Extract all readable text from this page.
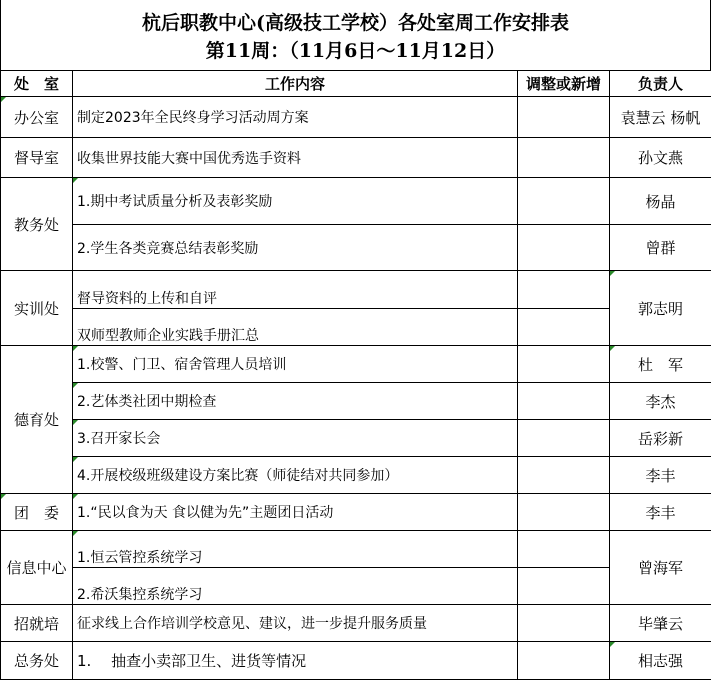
杭后职教中心(高级技工学校）各处室周工作安排表
第11周：（11月6日～11月12日）
处　室	工作内容	调整或新增	负责人
办公室	制定2023年全民终身学习活动周方案		袁慧云 杨帆
督导室	收集世界技能大赛中国优秀选手资料		孙文燕
教务处	1.期中考试质量分析及表彰奖励		杨晶
	2.学生各类竞赛总结表彰奖励		曾群
实训处	督导资料的上传和自评		郭志明
	双师型教师企业实践手册汇总		
德育处	1.校警、门卫、宿舍管理人员培训		杜　军
	2.艺体类社团中期检查		李杰
	3.召开家长会		岳彩新
	4.开展校级班级建设方案比赛（师徒结对共同参加）		李丰
团　委	1.“民以食为天 食以健为先”主题团日活动		李丰
信息中心	1.恒云管控系统学习		曾海军
	2.希沃集控系统学习		
招就培	征求线上合作培训学校意见、建议，进一步提升服务质量		毕肇云
总务处	1.　 抽查小卖部卫生、进货等情况		相志强
